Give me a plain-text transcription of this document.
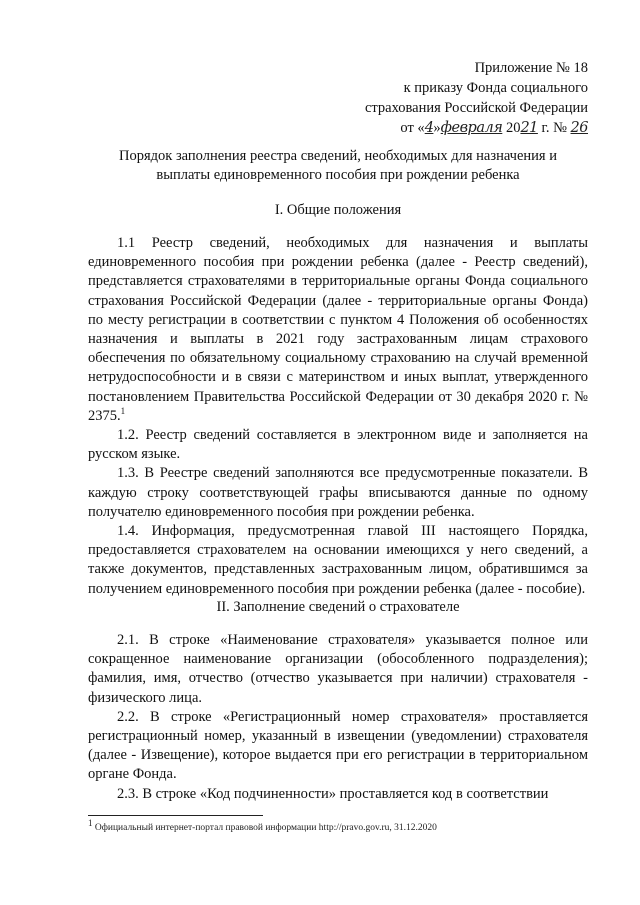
Приложение № 18
к приказу Фонда социального
страхования Российской Федерации
от «4»февраля 2021 г. № 26
Порядок заполнения реестра сведений, необходимых для назначения и
выплаты единовременного пособия при рождении ребенка
I. Общие положения

1.1 Реестр сведений, необходимых для назначения и выплаты единовременного пособия при рождении ребенка (далее - Реестр сведений), представляется страхователями в территориальные органы Фонда социального страхования Российской Федерации (далее - территориальные органы Фонда) по месту регистрации в соответствии с пунктом 4 Положения об особенностях назначения и выплаты в 2021 году застрахованным лицам страхового обеспечения по обязательному социальному страхованию на случай временной нетрудоспособности и в связи с материнством и иных выплат, утвержденного постановлением Правительства Российской Федерации от 30 декабря 2020 г. № 2375.$^1$

1.2. Реестр сведений составляется в электронном виде и заполняется на русском языке.

1.3. В Реестре сведений заполняются все предусмотренные показатели. В каждую строку соответствующей графы вписываются данные по одному получателю единовременного пособия при рождении ребенка.

1.4. Информация, предусмотренная главой III настоящего Порядка, предоставляется страхователем на основании имеющихся у него сведений, а также документов, представленных застрахованным лицом, обратившимся за получением единовременного пособия при рождении ребенка (далее - пособие).

II. Заполнение сведений о страхователе

2.1. В строке «Наименование страхователя» указывается полное или сокращенное наименование организации (обособленного подразделения); фамилия, имя, отчество (отчество указывается при наличии) страхователя - физического лица.

2.2. В строке «Регистрационный номер страхователя» проставляется регистрационный номер, указанный в извещении (уведомлении) страхователя (далее - Извещение), которое выдается при его регистрации в территориальном органе Фонда.

2.3. В строке «Код подчиненности» проставляется код в соответствии

$^1$ Официальный интернет-портал правовой информации http://pravo.gov.ru, 31.12.2020
